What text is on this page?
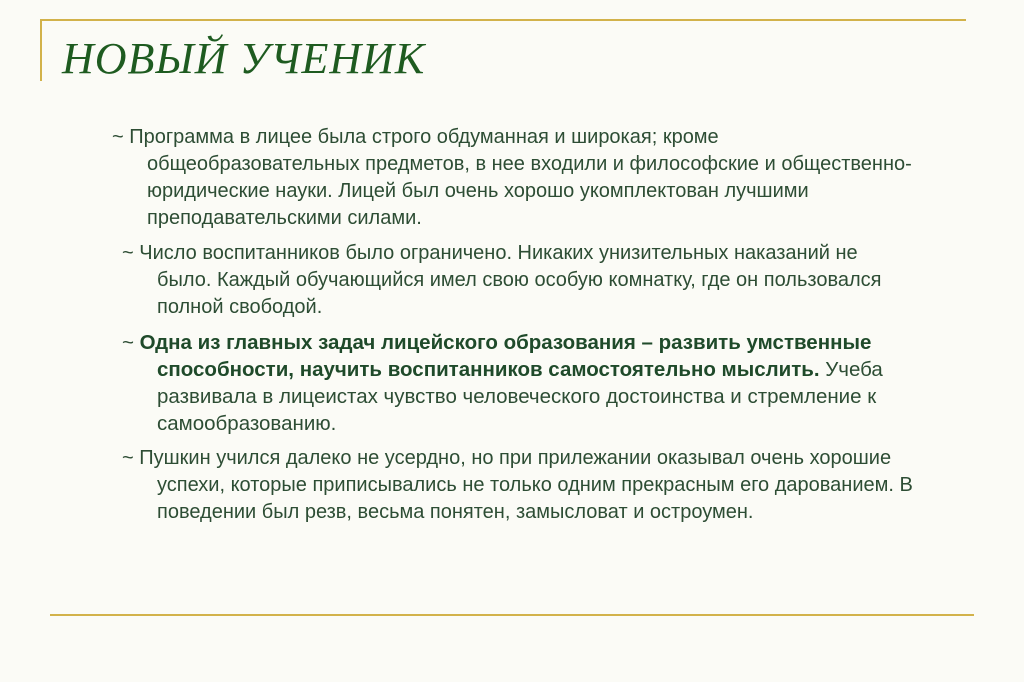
НОВЫЙ УЧЕНИК

~ Программа в лицее была строго обдуманная и широкая; кроме общеобразовательных предметов, в нее входили и философские и общественно-юридические науки. Лицей был очень хорошо укомплектован лучшими преподавательскими силами.

~ Число воспитанников было ограничено. Никаких унизительных наказаний не было. Каждый обучающийся имел свою особую комнатку, где он пользовался полной свободой.

~ Одна из главных задач лицейского образования – развить умственные способности, научить воспитанников самостоятельно мыслить. Учеба развивала в лицеистах чувство человеческого достоинства и стремление к самообразованию.

~ Пушкин учился далеко не усердно, но при прилежании оказывал очень хорошие успехи, которые приписывались не только одним прекрасным его дарованием. В поведении был резв, весьма понятен, замысловат и остроумен.
